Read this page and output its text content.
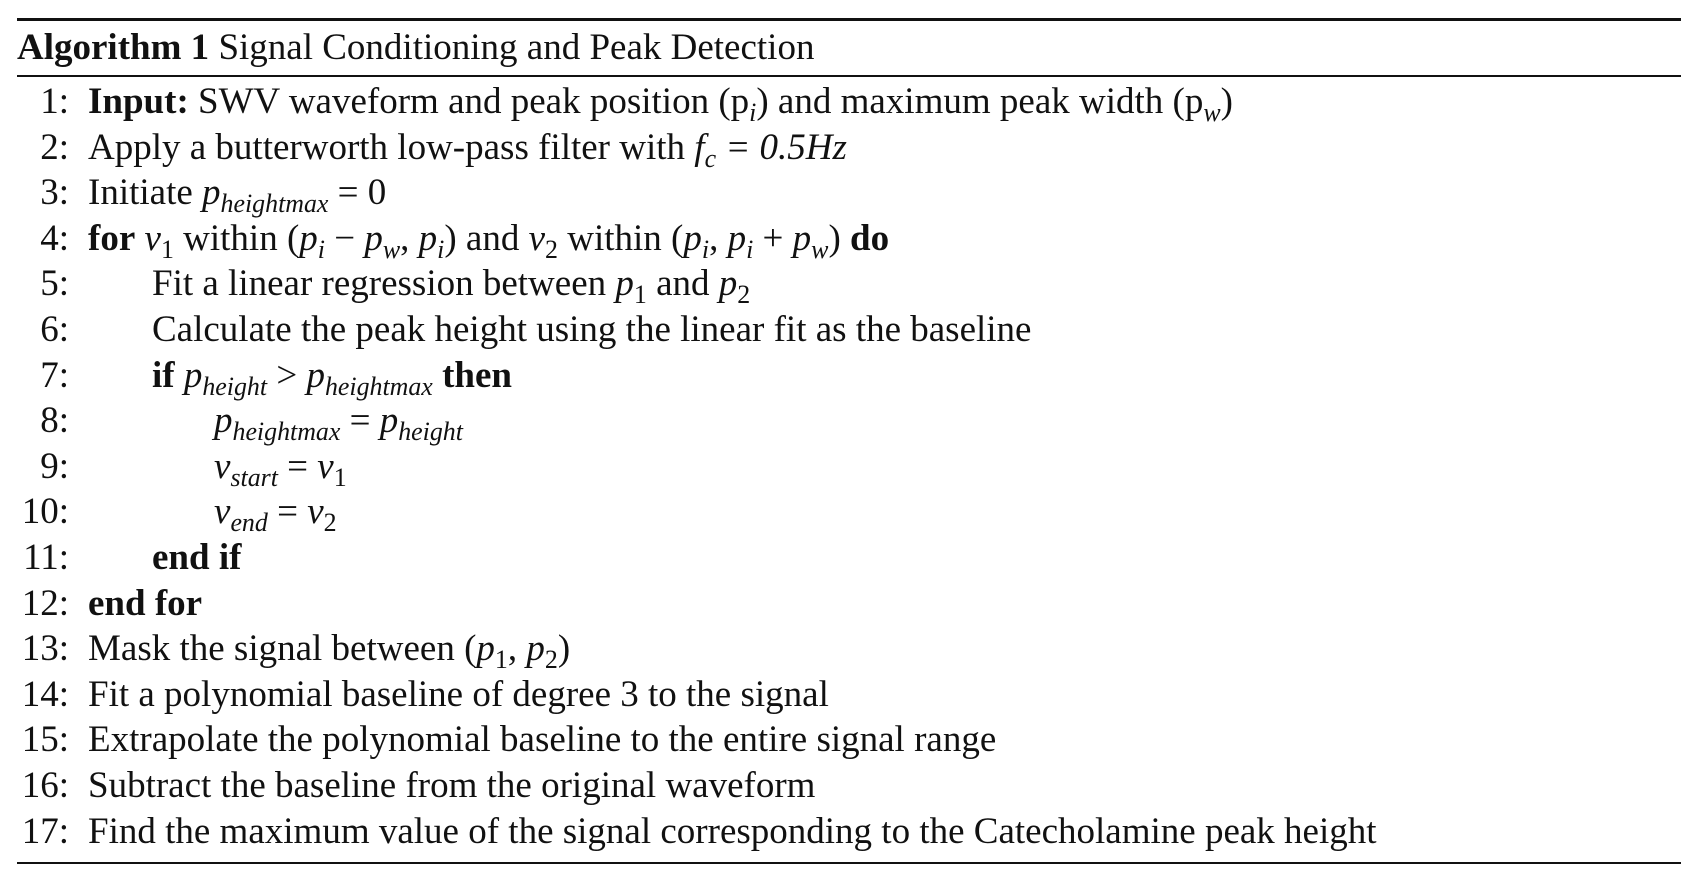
Algorithm 1 Signal Conditioning and Peak Detection
1: Input: SWV waveform and peak position $(p_i)$ and maximum peak width $(p_w)$
2: Apply a butterworth low-pass filter with $f_c = 0.5Hz$
3: Initiate $p_{heightmax} = 0$
4: for $v_1$ within ($p_i - p_w$, $p_i$) and $v_2$ within ($p_i$, $p_i + p_w$) do
5: Fit a linear regression between $p_1$ and $p_2$
6: Calculate the peak height using the linear fit as the baseline
7: if $p_{height} > p_{heightmax}$ then
8:	$p_{heightmax} = p_{height}$
9:	$v_{start} = v_1$
10:	$v_{end} = v_2$
11: end if
12: end for
13: Mask the signal between ($p_1$, $p_2$)
14: Fit a polynomial baseline of degree 3 to the signal
15: Extrapolate the polynomial baseline to the entire signal range
16: Subtract the baseline from the original waveform
17: Find the maximum value of the signal corresponding to the Catecholamine peak height
